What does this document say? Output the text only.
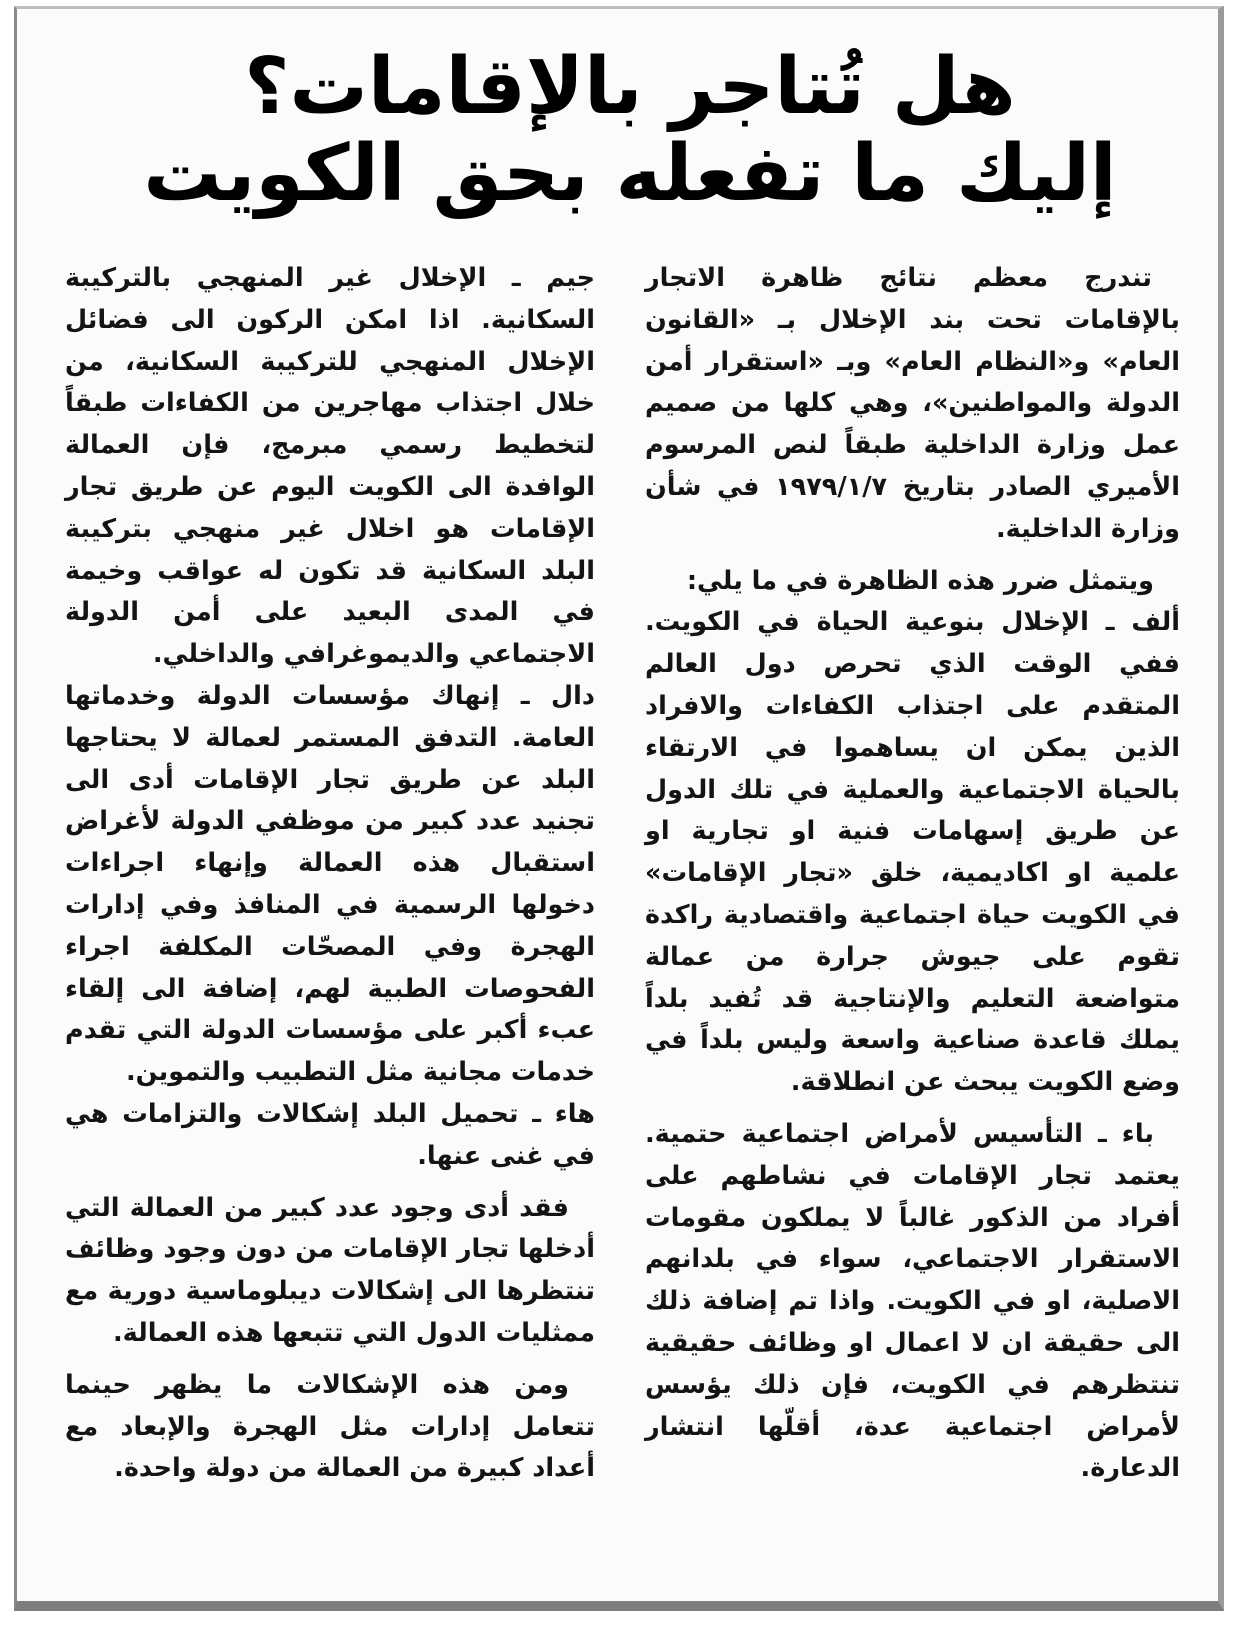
هل تُتاجر بالإقامات؟
إليك ما تفعله بحق الكويت

تندرج معظم نتائج ظاهرة الاتجار بالإقامات تحت بند الإخلال بـ «القانون العام» و«النظام العام» وبـ «استقرار أمن الدولة والمواطنين»، وهي كلها من صميم عمل وزارة الداخلية طبقاً لنص المرسوم الأميري الصادر بتاريخ ١٩٧٩/١/٧ في شأن وزارة الداخلية.

ويتمثل ضرر هذه الظاهرة في ما يلي:

ألف ـ الإخلال بنوعية الحياة في الكويت. ففي الوقت الذي تحرص دول العالم المتقدم على اجتذاب الكفاءات والافراد الذين يمكن ان يساهموا في الارتقاء بالحياة الاجتماعية والعملية في تلك الدول عن طريق إسهامات فنية او تجارية او علمية او اكاديمية، خلق «تجار الإقامات» في الكويت حياة اجتماعية واقتصادية راكدة تقوم على جيوش جرارة من عمالة متواضعة التعليم والإنتاجية قد تُفيد بلداً يملك قاعدة صناعية واسعة وليس بلداً في وضع الكويت يبحث عن انطلاقة.

باء ـ التأسيس لأمراض اجتماعية حتمية. يعتمد تجار الإقامات في نشاطهم على أفراد من الذكور غالباً لا يملكون مقومات الاستقرار الاجتماعي، سواء في بلدانهم الاصلية، او في الكويت. واذا تم إضافة ذلك الى حقيقة ان لا اعمال او وظائف حقيقية تنتظرهم في الكويت، فإن ذلك يؤسس لأمراض اجتماعية عدة، أقلّها انتشار الدعارة.

جيم ـ الإخلال غير المنهجي بالتركيبة السكانية. اذا امكن الركون الى فضائل الإخلال المنهجي للتركيبة السكانية، من خلال اجتذاب مهاجرين من الكفاءات طبقاً لتخطيط رسمي مبرمج، فإن العمالة الوافدة الى الكويت اليوم عن طريق تجار الإقامات هو اخلال غير منهجي بتركيبة البلد السكانية قد تكون له عواقب وخيمة في المدى البعيد على أمن الدولة الاجتماعي والديموغرافي والداخلي.

دال ـ إنهاك مؤسسات الدولة وخدماتها العامة. التدفق المستمر لعمالة لا يحتاجها البلد عن طريق تجار الإقامات أدى الى تجنيد عدد كبير من موظفي الدولة لأغراض استقبال هذه العمالة وإنهاء اجراءات دخولها الرسمية في المنافذ وفي إدارات الهجرة وفي المصحّات المكلفة اجراء الفحوصات الطبية لهم، إضافة الى إلقاء عبء أكبر على مؤسسات الدولة التي تقدم خدمات مجانية مثل التطبيب والتموين.

هاء ـ تحميل البلد إشكالات والتزامات هي في غنى عنها.

فقد أدى وجود عدد كبير من العمالة التي أدخلها تجار الإقامات من دون وجود وظائف تنتظرها الى إشكالات ديبلوماسية دورية مع ممثليات الدول التي تتبعها هذه العمالة.

ومن هذه الإشكالات ما يظهر حينما تتعامل إدارات مثل الهجرة والإبعاد مع أعداد كبيرة من العمالة من دولة واحدة.
